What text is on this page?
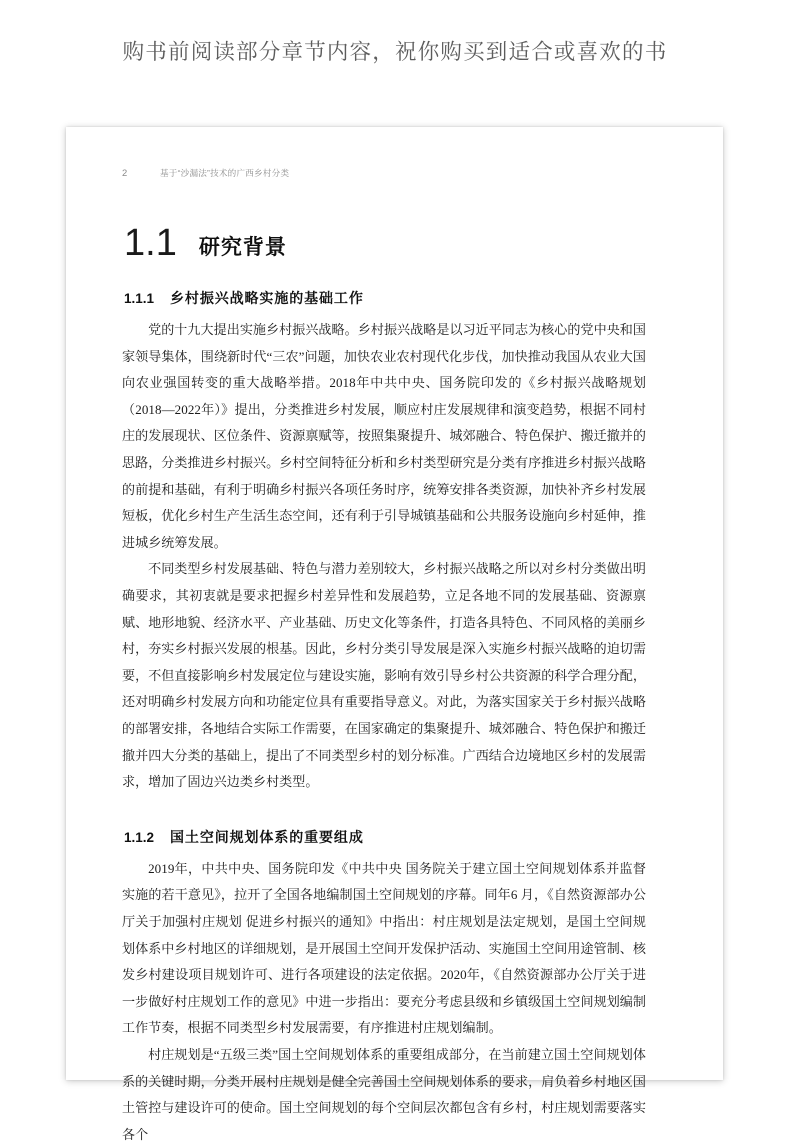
购书前阅读部分章节内容，祝你购买到适合或喜欢的书
2	基于“沙漏法”技术的广西乡村分类
1.1 研究背景
1.1.1 乡村振兴战略实施的基础工作

党的十九大提出实施乡村振兴战略。乡村振兴战略是以习近平同志为核心的党中央和国家领导集体，围绕新时代“三农”问题，加快农业农村现代化步伐，加快推动我国从农业大国向农业强国转变的重大战略举措。2018年中共中央、国务院印发的《乡村振兴战略规划（2018—2022年）》提出，分类推进乡村发展，顺应村庄发展规律和演变趋势，根据不同村庄的发展现状、区位条件、资源禀赋等，按照集聚提升、城郊融合、特色保护、搬迁撤并的思路，分类推进乡村振兴。乡村空间特征分析和乡村类型研究是分类有序推进乡村振兴战略的前提和基础，有利于明确乡村振兴各项任务时序，统筹安排各类资源，加快补齐乡村发展短板，优化乡村生产生活生态空间，还有利于引导城镇基础和公共服务设施向乡村延伸，推进城乡统筹发展。

不同类型乡村发展基础、特色与潜力差别较大，乡村振兴战略之所以对乡村分类做出明确要求，其初衷就是要求把握乡村差异性和发展趋势，立足各地不同的发展基础、资源禀赋、地形地貌、经济水平、产业基础、历史文化等条件，打造各具特色、不同风格的美丽乡村，夯实乡村振兴发展的根基。因此，乡村分类引导发展是深入实施乡村振兴战略的迫切需要，不但直接影响乡村发展定位与建设实施，影响有效引导乡村公共资源的科学合理分配，还对明确乡村发展方向和功能定位具有重要指导意义。对此，为落实国家关于乡村振兴战略的部署安排，各地结合实际工作需要，在国家确定的集聚提升、城郊融合、特色保护和搬迁撤并四大分类的基础上，提出了不同类型乡村的划分标准。广西结合边境地区乡村的发展需求，增加了固边兴边类乡村类型。

1.1.2 国土空间规划体系的重要组成

2019年，中共中央、国务院印发《中共中央 国务院关于建立国土空间规划体系并监督实施的若干意见》，拉开了全国各地编制国土空间规划的序幕。同年6 月，《自然资源部办公厅关于加强村庄规划 促进乡村振兴的通知》中指出：村庄规划是法定规划，是国土空间规划体系中乡村地区的详细规划，是开展国土空间开发保护活动、实施国土空间用途管制、核发乡村建设项目规划许可、进行各项建设的法定依据。2020年，《自然资源部办公厅关于进一步做好村庄规划工作的意见》中进一步指出：要充分考虑县级和乡镇级国土空间规划编制工作节奏，根据不同类型乡村发展需要，有序推进村庄规划编制。

村庄规划是“五级三类”国土空间规划体系的重要组成部分，在当前建立国土空间规划体系的关键时期，分类开展村庄规划是健全完善国土空间规划体系的要求，肩负着乡村地区国土管控与建设许可的使命。国土空间规划的每个空间层次都包含有乡村，村庄规划需要落实各个
